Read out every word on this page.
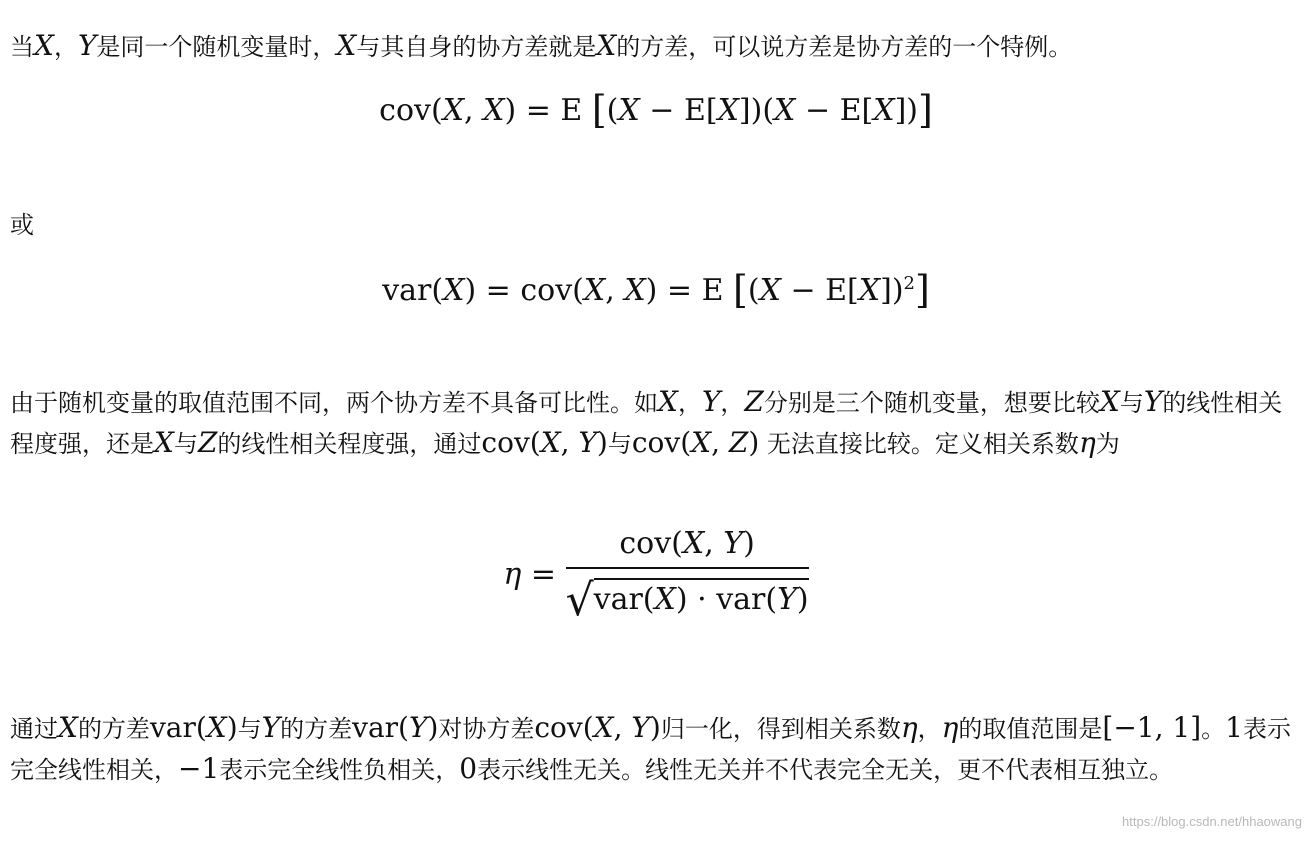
当X，Y是同一个随机变量时，X与其自身的协方差就是X的方差，可以说方差是协方差的一个特例。

cov(X, X) = E [(X − E[X])(X − E[X])]

或

var(X) = cov(X, X) = E $[(X - E[X])^2]$

由于随机变量的取值范围不同，两个协方差不具备可比性。如X，Y，Z分别是三个随机变量，想要比较X与Y的线性相关程度强，还是X与Z的线性相关程度强，通过cov(X, Y)与cov(X, Z) 无法直接比较。定义相关系数η为

$\eta = \frac{\text{cov(X, Y)}}{\text{√var(X) · var(Y)}}$

通过X的方差var(X)与Y的方差var(Y)对协方差cov(X, Y)归一化，得到相关系数η，η的取值范围是[−1, 1]。1表示完全线性相关，−1表示完全线性负相关，0表示线性无关。线性无关并不代表完全无关，更不代表相互独立。

https://blog.csdn.net/hhaowang
